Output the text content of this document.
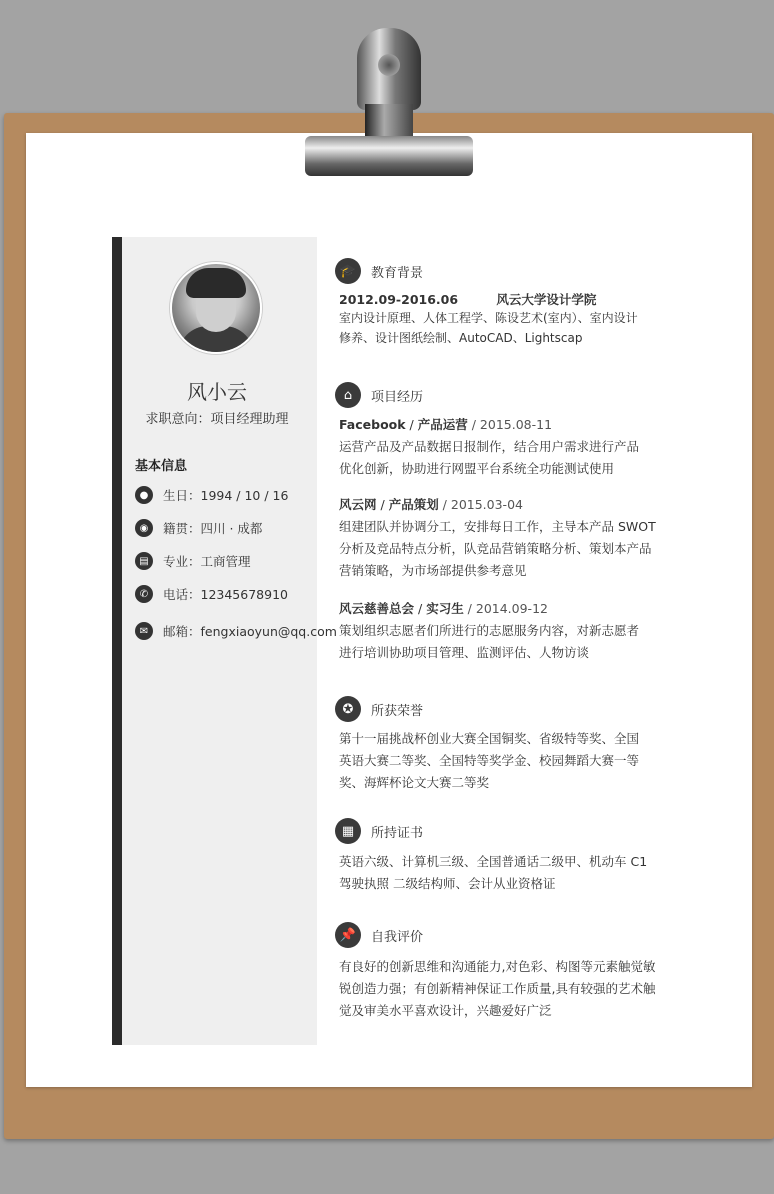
风小云
求职意向：项目经理助理
基本信息
●	生日：1994 / 10 / 16
◉	籍贯：四川 · 成都
▤	专业：工商管理
✆	电话：12345678910
✉	邮箱：fengxiaoyun@qq.com
🎓	教育背景
2012.09-2016.06	风云大学设计学院
室内设计原理、人体工程学、陈设艺术(室内）、室内设计
修养、设计图纸绘制、AutoCAD、Lightscap
⌂	项目经历
Facebook / 产品运营 / 2015.08-11
运营产品及产品数据日报制作，结合用户需求进行产品
优化创新，协助进行网盟平台系统全功能测试使用
风云网 / 产品策划 / 2015.03-04
组建团队并协调分工，安排每日工作，主导本产品 SWOT
分析及竞品特点分析，队竞品营销策略分析、策划本产品
营销策略，为市场部提供参考意见
风云慈善总会 / 实习生 / 2014.09-12
策划组织志愿者们所进行的志愿服务内容，对新志愿者
进行培训协助项目管理、监测评估、人物访谈
✪	所获荣誉
第十一届挑战杯创业大赛全国铜奖、省级特等奖、全国
英语大赛二等奖、全国特等奖学金、校园舞蹈大赛一等
奖、海辉杯论文大赛二等奖
▦	所持证书
英语六级、计算机三级、全国普通话二级甲、机动车 C1
驾驶执照 二级结构师、会计从业资格证
📌	自我评价
有良好的创新思维和沟通能力,对色彩、构图等元素触觉敏
锐创造力强；有创新精神保证工作质量,具有较强的艺术触
觉及审美水平喜欢设计，兴趣爱好广泛
